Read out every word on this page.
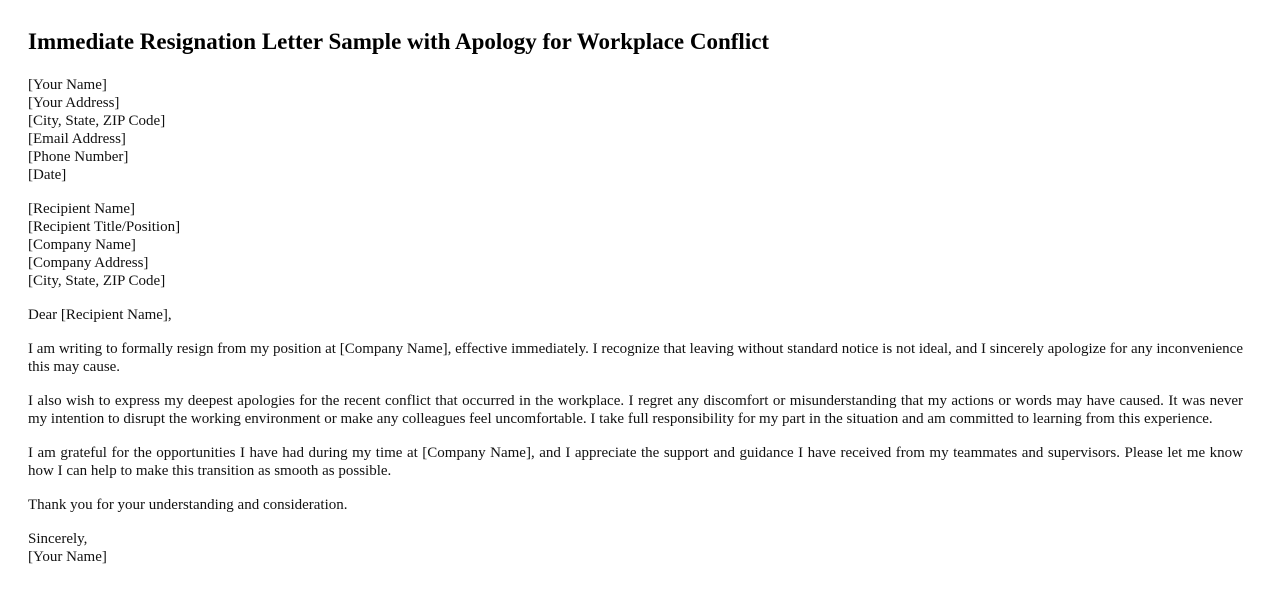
Immediate Resignation Letter Sample with Apology for Workplace Conflict
[Your Name]
[Your Address]
[City, State, ZIP Code]
[Email Address]
[Phone Number]
[Date]
[Recipient Name]
[Recipient Title/Position]
[Company Name]
[Company Address]
[City, State, ZIP Code]

Dear [Recipient Name],

I am writing to formally resign from my position at [Company Name], effective immediately. I recognize that leaving without standard notice is not ideal, and I sincerely apologize for any inconvenience this may cause.

I also wish to express my deepest apologies for the recent conflict that occurred in the workplace. I regret any discomfort or misunderstanding that my actions or words may have caused. It was never my intention to disrupt the working environment or make any colleagues feel uncomfortable. I take full responsibility for my part in the situation and am committed to learning from this experience.

I am grateful for the opportunities I have had during my time at [Company Name], and I appreciate the support and guidance I have received from my teammates and supervisors. Please let me know how I can help to make this transition as smooth as possible.

Thank you for your understanding and consideration.

Sincerely,
[Your Name]
